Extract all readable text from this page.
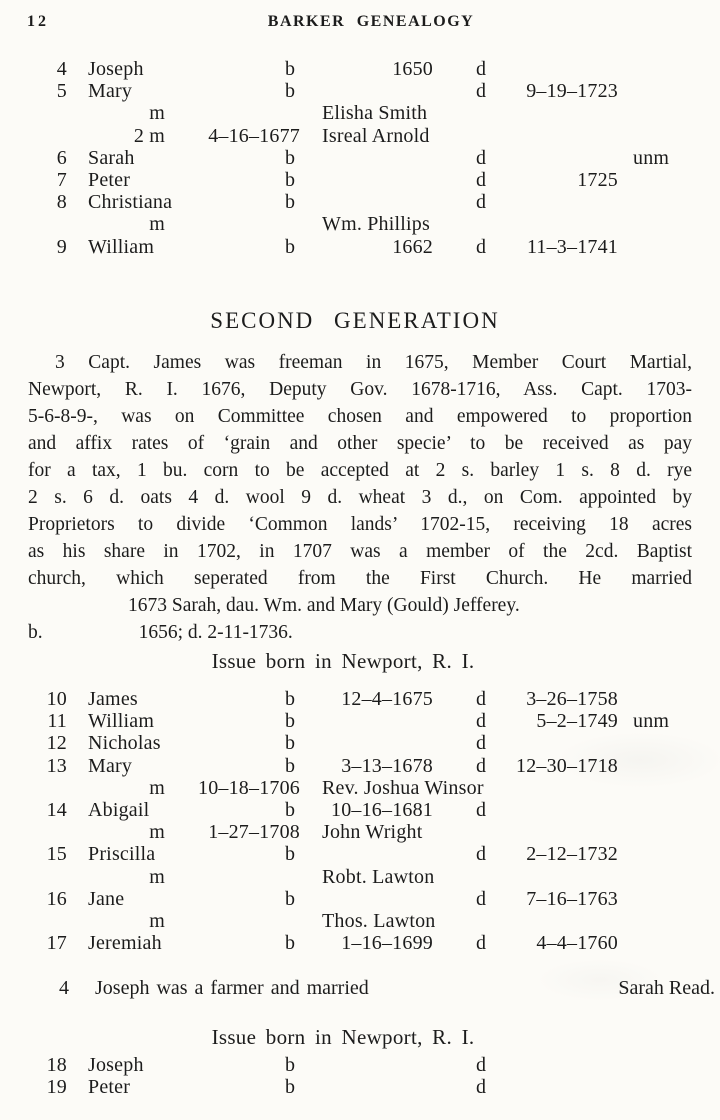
12	BARKER GENEALOGY
4 Joseph	b	1650 d
5 Mary	b	d	9–19–1723
m	Elisha Smith
2 m	4–16–1677 Isreal Arnold
6 Sarah	b	d	unm
7 Peter	b	d	1725
8 Christiana	b	d
m	Wm. Phillips
9 William	b	1662 d	11–3–1741
SECOND GENERATION
3 Capt. James was freeman in 1675, Member Court Martial,
Newport, R. I. 1676, Deputy Gov. 1678-1716, Ass. Capt. 1703-
5-6-8-9-, was on Committee chosen and empowered to proportion
and affix rates of ‘grain and other specie’ to be received as pay
for a tax, 1 bu. corn to be accepted at 2 s. barley 1 s. 8 d. rye
2 s. 6 d. oats 4 d. wool 9 d. wheat 3 d., on Com. appointed by
Proprietors to divide ‘Common lands’ 1702-15, receiving 18 acres
as his share in 1702, in 1707 was a member of the 2cd. Baptist
church, which seperated from the First Church. He married
1673 Sarah, dau. Wm. and Mary (Gould) Jefferey.
b.	1656; d. 2-11-1736.
Issue born in Newport, R. I.
10 James	b	12–4–1675 d	3–26–1758
11 William	b	d	5–2–1749 unm
12 Nicholas	b	d
13 Mary	b	3–13–1678 d	12–30–1718
m	10–18–1706 Rev. Joshua Winsor
14 Abigail	b	10–16–1681 d
m	1–27–1708 John Wright
15 Priscilla	b	d	2–12–1732
m	Robt. Lawton
16 Jane	b	d	7–16–1763
m	Thos. Lawton
17 Jeremiah	b	1–16–1699 d	4–4–1760
4 Joseph was a farmer and married	Sarah Read.
Issue born in Newport, R. I.
18 Joseph	b	d
19 Peter	b	d
